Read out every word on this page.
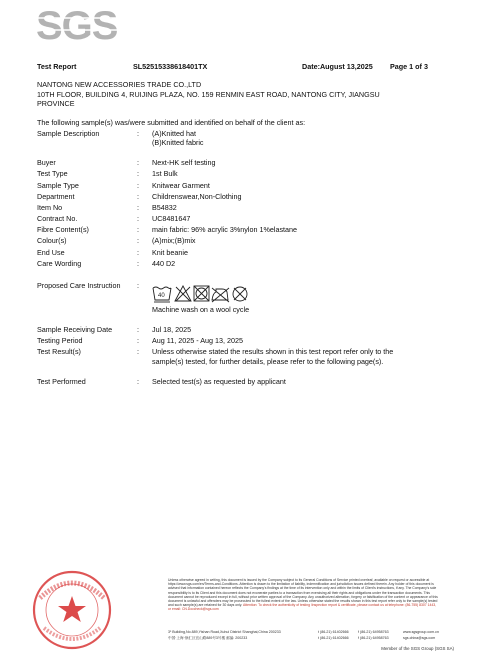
SGS
Test Report	SL52515338618401TX	Date:August 13,2025 Page 1 of 3
NANTONG NEW ACCESSORIES TRADE CO.,LTD
10TH FLOOR, BUILDING 4, RUIJING PLAZA, NO. 159 RENMIN EAST ROAD, NANTONG CITY, JIANGSU
PROVINCE
The following sample(s) was/were submitted and identified on behalf of the client as:
Sample Description	: (A)Knitted hat
(B)Knitted fabric
Buyer	: Next-HK self testing
Test Type	: 1st Bulk
Sample Type	: Knitwear Garment
Department	: Childrenswear,Non-Clothing
Item No	: B54832
Contract No.	: UC8481647
Fibre Content(s)	: main fabric: 96% acrylic 3%nylon 1%elastane
Colour(s)	: (A)mix;(B)mix
End Use	: Knit beanie
Care Wording	: 440 D2
Proposed Care Instruction :
40
Machine wash on a wool cycle
Sample Receiving Date	: Jul 18, 2025
Testing Period	: Aug 11, 2025 - Aug 13, 2025
Test Result(s)	: Unless otherwise stated the results shown in this test report refer only to the
sample(s) tested, for further details, please refer to the following page(s).
Test Performed	: Selected test(s) as requested by applicant
Unless otherwise agreed in writing, this document is issued by the Company subject to its General Conditions of Service printed overleaf, available on request or accessible at https://www.sgs.com/en/Terms-and-Conditions. Attention is drawn to the limitation of liability, indemnification and jurisdiction issues defined therein. Any holder of this document is advised that information contained hereon reflects the Company's findings at the time of its intervention only and within the limits of Client's instructions, if any. The Company's sole responsibility is to its Client and this document does not exonerate parties to a transaction from exercising all their rights and obligations under the transaction documents. This document cannot be reproduced except in full, without prior written approval of the Company. Any unauthorized alteration, forgery or falsification of the content or appearance of this document is unlawful and offenders may be prosecuted to the fullest extent of the law. Unless otherwise stated the results shown in this test report refer only to the sample(s) tested and such sample(s) are retained for 30 days only. Attention: To check the authenticity of testing /inspection report & certificate, please contact us at telephone: (86-755) 8307 1443, or email: CN.Doccheck@sgs.com
3ˢ Building,No.889,Yishan Road,Xuhui District Shanghai,China 200233	t (86-21) 61402666	f (86-21) 64958763	www.sgsgroup.com.cn
中国·上海·徐汇区宜山路889号3号楼 邮编: 200233	t (86-21) 61402666	f (86-21) 64958763	sgs.china@sgs.com
Member of the SGS Group (SGS SA)
